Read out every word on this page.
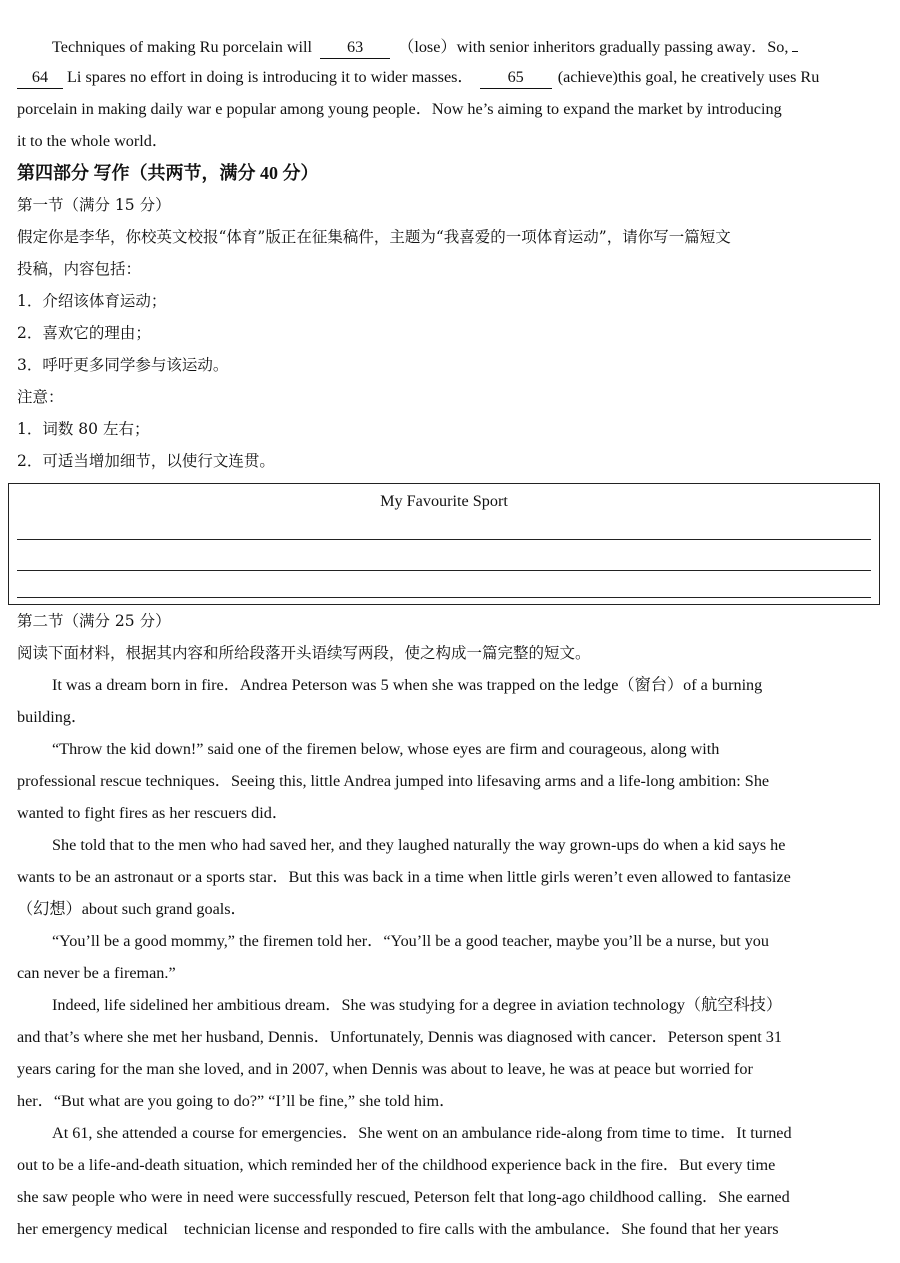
Techniques of making Ru porcelain will 63 （lose）with senior inheritors gradually passing away．So,
64 Li spares no effort in doing is introducing it to wider masses． 65 (achieve)this goal, he creatively uses Ru
porcelain in making daily war e popular among young people．Now he’s aiming to expand the market by introducing
it to the whole world．
第四部分 写作（共两节，满分 40 分）
第一节（满分 15 分）
假定你是李华，你校英文校报“体育”版正在征集稿件，主题为“我喜爱的一项体育运动”，请你写一篇短文
投稿，内容包括：
1．介绍该体育运动；
2．喜欢它的理由；
3．呼吁更多同学参与该运动。
注意：
1．词数 80 左右；
2．可适当增加细节，以使行文连贯。
My Favourite Sport
第二节（满分 25 分）
阅读下面材料，根据其内容和所给段落开头语续写两段，使之构成一篇完整的短文。
It was a dream born in fire．Andrea Peterson was 5 when she was trapped on the ledge（窗台）of a burning
building．
“Throw the kid down!” said one of the firemen below, whose eyes are firm and courageous, along with
professional rescue techniques．Seeing this, little Andrea jumped into lifesaving arms and a life-long ambition: She
wanted to fight fires as her rescuers did．
She told that to the men who had saved her, and they laughed naturally the way grown-ups do when a kid says he
wants to be an astronaut or a sports star．But this was back in a time when little girls weren’t even allowed to fantasize
（幻想）about such grand goals．
“You’ll be a good mommy,” the firemen told her．“You’ll be a good teacher, maybe you’ll be a nurse, but you
can never be a fireman.”
Indeed, life sidelined her ambitious dream．She was studying for a degree in aviation technology（航空科技）
and that’s where she met her husband, Dennis．Unfortunately, Dennis was diagnosed with cancer．Peterson spent 31
years caring for the man she loved, and in 2007, when Dennis was about to leave, he was at peace but worried for
her．“But what are you going to do?” “I’ll be fine,” she told him．
At 61, she attended a course for emergencies．She went on an ambulance ride-along from time to time．It turned
out to be a life-and-death situation, which reminded her of the childhood experience back in the fire．But every time
she saw people who were in need were successfully rescued, Peterson felt that long-ago childhood calling．She earned
her emergency medical　technician license and responded to fire calls with the ambulance．She found that her years
